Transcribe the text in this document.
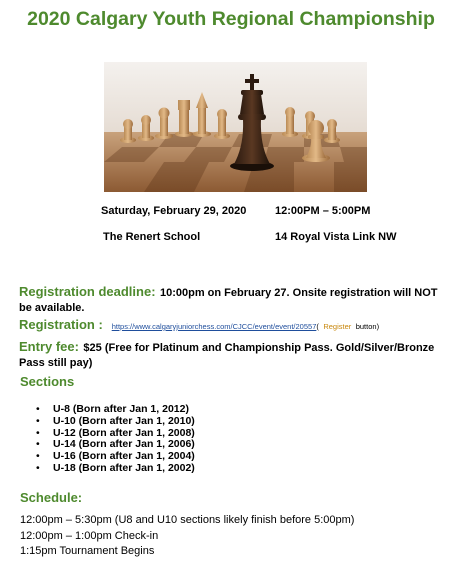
2020 Calgary Youth Regional Championship
Saturday, February 29, 2020	12:00PM – 5:00PM
The Renert School	14 Royal Vista Link NW
Registration deadline: 10:00pm on February 27. Onsite registration will NOT be available.
Registration : https://www.calgaryjuniorchess.com/CJCC/event/event/20557( Register button)
Entry fee: $25 (Free for Platinum and Championship Pass. Gold/Silver/Bronze Pass still pay)
Sections
• U-8 (Born after Jan 1, 2012)
• U-10 (Born after Jan 1, 2010)
• U-12 (Born after Jan 1, 2008)
• U-14 (Born after Jan 1, 2006)
• U-16 (Born after Jan 1, 2004)
• U-18 (Born after Jan 1, 2002)
Schedule:
12:00pm – 5:30pm (U8 and U10 sections likely finish before 5:00pm)
12:00pm – 1:00pm Check-in
1:15pm Tournament Begins
